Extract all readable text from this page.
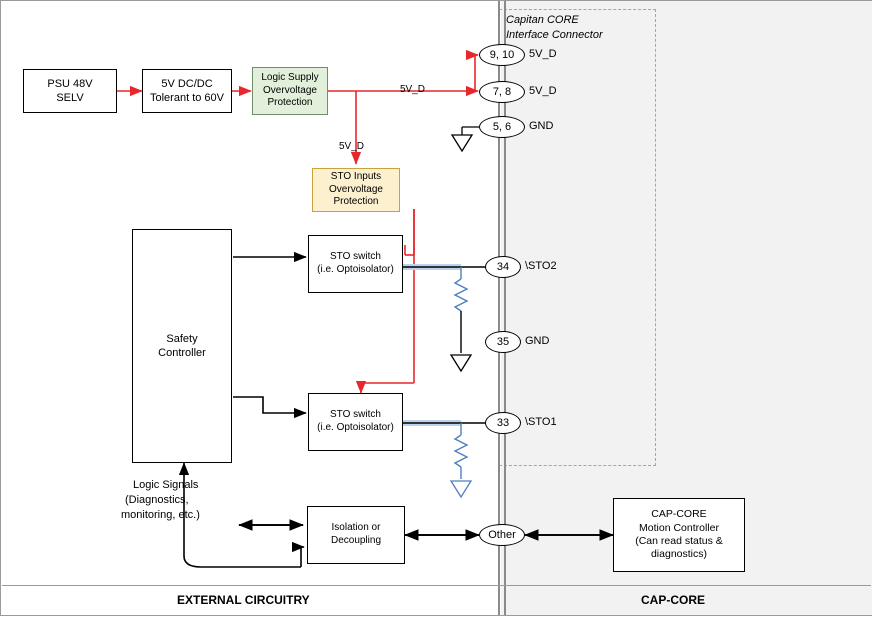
PSU 48V
SELV
5V DC/DC
Tolerant to 60V
Logic Supply
Overvoltage
Protection
STO Inputs
Overvoltage
Protection
Safety
Controller
STO switch
(i.e. Optoisolator)
STO switch
(i.e. Optoisolator)
Isolation or
Decoupling
CAP-CORE
Motion Controller
(Can read status &
diagnostics)
9, 10 5V_D
7, 8 5V_D
5, 6 GND
34 \STO2
35 GND
33 \STO1
Other
Capitan CORE
Interface Connector
5V_D
5V_D
Logic Signals
(Diagnostics,
monitoring, etc.)
EXTERNAL CIRCUITRY	CAP-CORE
